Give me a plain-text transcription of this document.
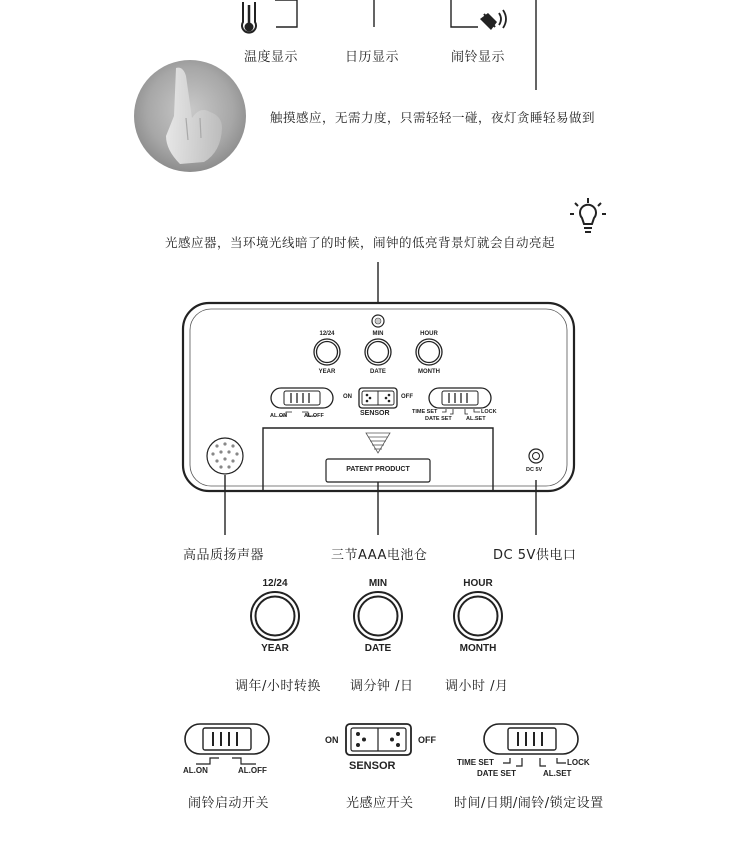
温度显示	日历显示	闹铃显示
触摸感应，无需力度，只需轻轻一碰，夜灯贪睡轻易做到
光感应器，当环境光线暗了的时候，闹钟的低亮背景灯就会自动亮起
12/24	MIN	HOUR
YEAR	DATE	MONTH
AL.ON	AL.OFF
ON	OFF
SENSOR	TIME SET
DATE SET	AL.SET
LOCK
PATENT PRODUCT	DC 5V
高品质扬声器	三节AAA电池仓	DC 5V供电口
12/24	MIN	HOUR
YEAR	DATE	MONTH
调年/小时转换 调分钟 /日 调小时 /月
AL.ON	AL.OFF
ON	OFF
SENSOR	TIME SET
DATE SET	AL.SET
LOCK
闹铃启动开关	光感应开关	时间/日期/闹铃/锁定设置
